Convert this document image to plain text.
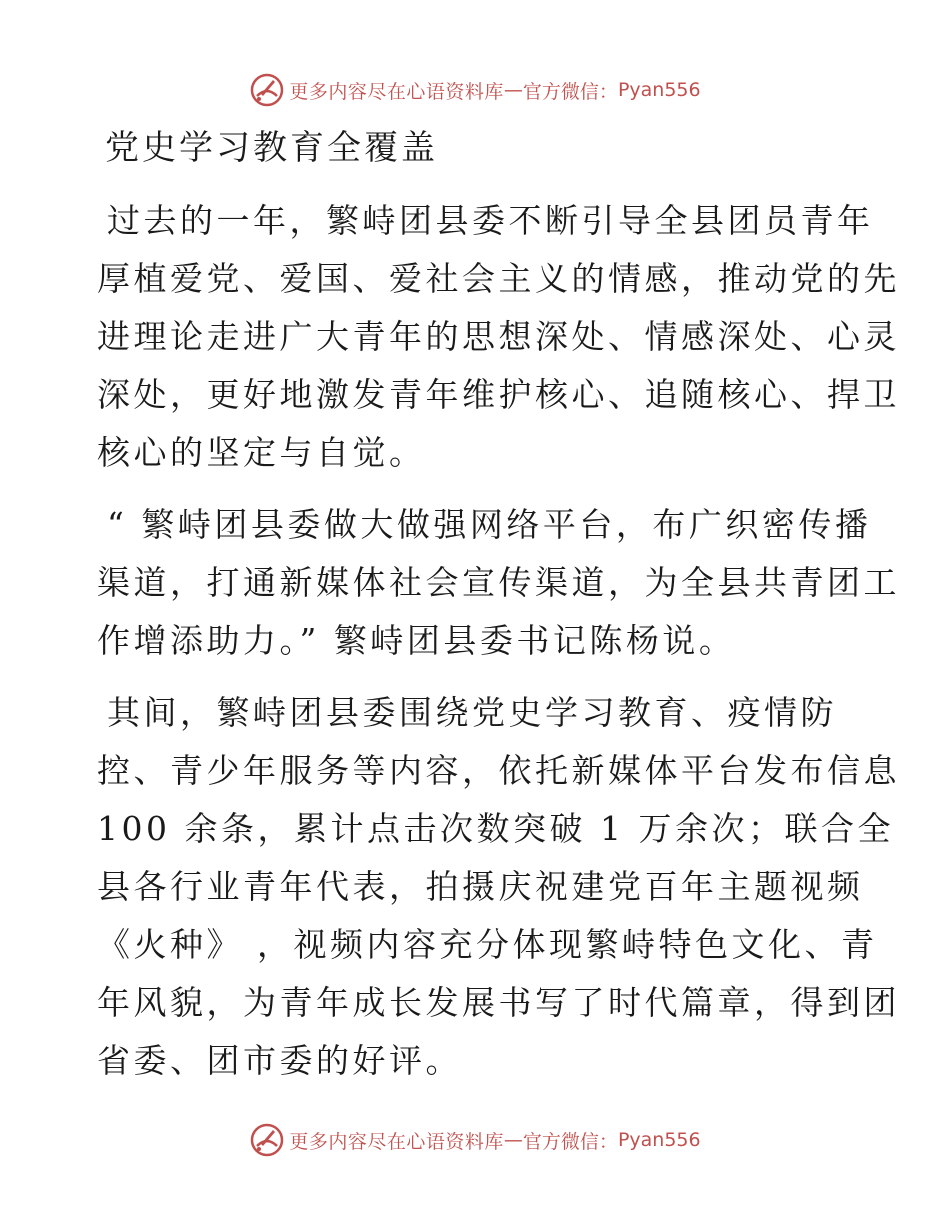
更多内容尽在心语资料库 — 官方微信： Pyan556
党史学习教育全覆盖

过去的一年，繁峙团县委不断引导全县团员青年
厚植爱党、爱国、爱社会主义的情感，推动党的先
进理论走进广大青年的思想深处、情感深处、心灵
深处，更好地激发青年维护核心、追随核心、捍卫
核心的坚定与自觉。

“ 繁峙团县委做大做强网络平台，布广织密传播
渠道，打通新媒体社会宣传渠道，为全县共青团工
作增添助力。” 繁峙团县委书记陈杨说。

其间，繁峙团县委围绕党史学习教育、疫情防
控、青少年服务等内容，依托新媒体平台发布信息
100 余条，累计点击次数突破 1 万余次；联合全
县各行业青年代表，拍摄庆祝建党百年主题视频
《火种》 ，视频内容充分体现繁峙特色文化、青
年风貌，为青年成长发展书写了时代篇章，得到团
省委、团市委的好评。

更多内容尽在心语资料库 — 官方微信： Pyan556
